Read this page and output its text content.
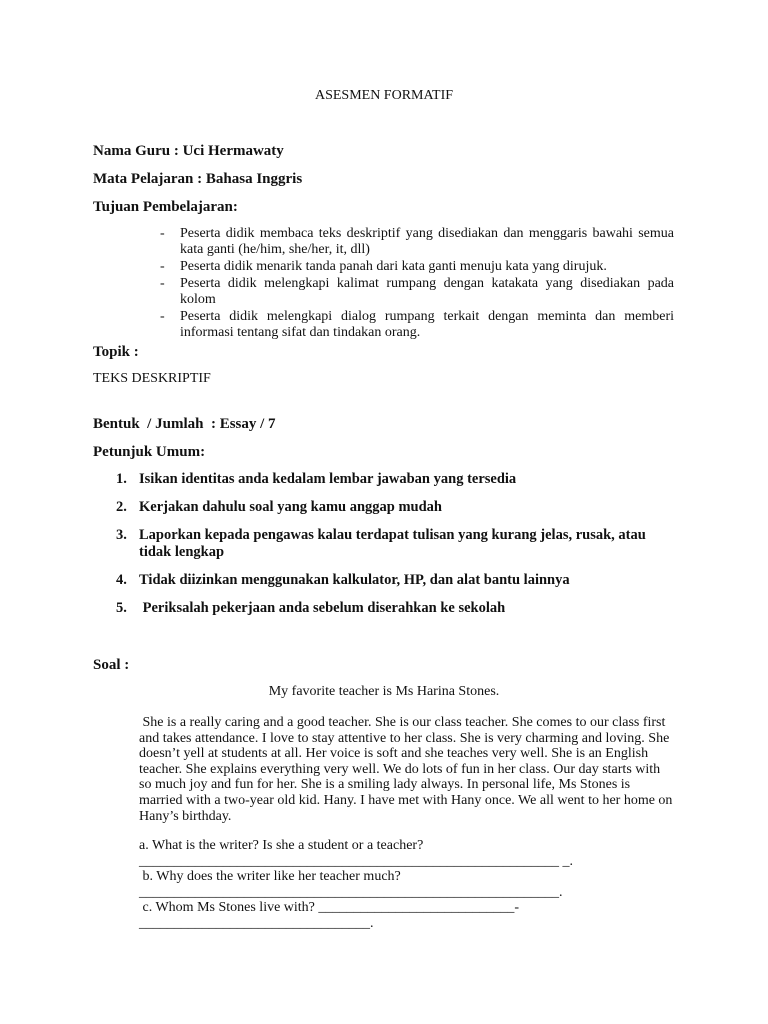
ASESMEN FORMATIF
Nama Guru : Uci Hermawaty
Mata Pelajaran : Bahasa Inggris
Tujuan Pembelajaran:
- Peserta didik membaca teks deskriptif yang disediakan dan menggaris bawahi semua kata ganti (he/him, she/her, it, dll)
- Peserta didik menarik tanda panah dari kata ganti menuju kata yang dirujuk.
- Peserta didik melengkapi kalimat rumpang dengan katakata yang disediakan pada kolom
- Peserta didik melengkapi dialog rumpang terkait dengan meminta dan memberi informasi tentang sifat dan tindakan orang.
Topik :
TEKS DESKRIPTIF
Bentuk  / Jumlah  : Essay / 7
Petunjuk Umum:
1. Isikan identitas anda kedalam lembar jawaban yang tersedia
2. Kerjakan dahulu soal yang kamu anggap mudah
3. Laporkan kepada pengawas kalau terdapat tulisan yang kurang jelas, rusak, atau tidak lengkap
4. Tidak diizinkan menggunakan kalkulator, HP, dan alat bantu lainnya
5. Periksalah pekerjaan anda sebelum diserahkan ke sekolah
Soal :
My favorite teacher is Ms Harina Stones.
She is a really caring and a good teacher. She is our class teacher. She comes to our class first and takes attendance. I love to stay attentive to her class. She is very charming and loving. She doesn’t yell at students at all. Her voice is soft and she teaches very well. She is an English teacher. She explains everything very well. We do lots of fun in her class. Our day starts with so much joy and fun for her. She is a smiling lady always. In personal life, Ms Stones is married with a two-year old kid. Hany. I have met with Hany once. We all went to her home on Hany’s birthday.
a. What is the writer? Is she a student or a teacher?
____________________________________________________________ _.
b. Why does the writer like her teacher much?
____________________________________________________________.
c. Whom Ms Stones live with? ____________________________-
_________________________________.
